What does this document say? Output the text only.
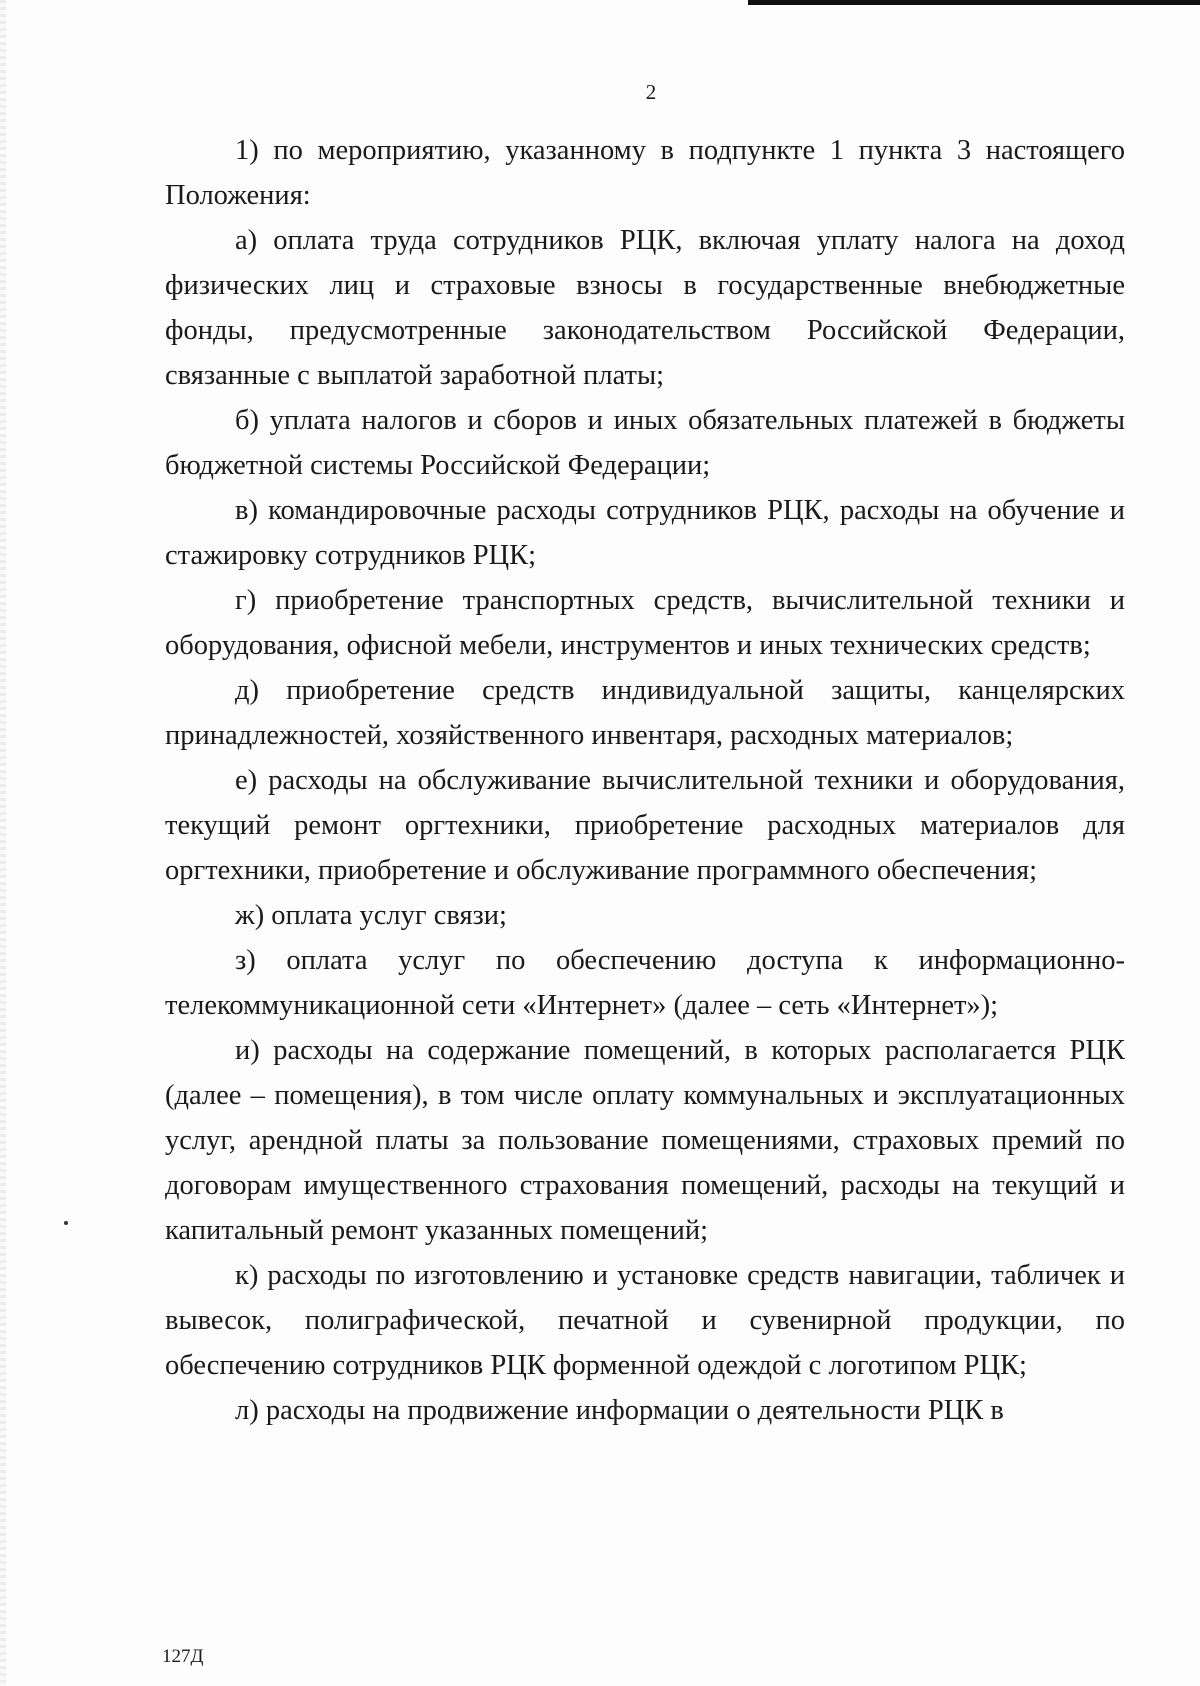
2

1) по мероприятию, указанному в подпункте 1 пункта 3 настоящего Положения:

а) оплата труда сотрудников РЦК, включая уплату налога на доход физических лиц и страховые взносы в государственные внебюджетные фонды, предусмотренные законодательством Российской Федерации, связанные с выплатой заработной платы;

б) уплата налогов и сборов и иных обязательных платежей в бюджеты бюджетной системы Российской Федерации;

в) командировочные расходы сотрудников РЦК, расходы на обучение и стажировку сотрудников РЦК;

г) приобретение транспортных средств, вычислительной техники и оборудования, офисной мебели, инструментов и иных технических средств;

д) приобретение средств индивидуальной защиты, канцелярских принадлежностей, хозяйственного инвентаря, расходных материалов;

е) расходы на обслуживание вычислительной техники и оборудования, текущий ремонт оргтехники, приобретение расходных материалов для оргтехники, приобретение и обслуживание программного обеспечения;

ж) оплата услуг связи;

з) оплата услуг по обеспечению доступа к информационно-телекоммуникационной сети «Интернет» (далее – сеть «Интернет»);

и) расходы на содержание помещений, в которых располагается РЦК (далее – помещения), в том числе оплату коммунальных и эксплуатационных услуг, арендной платы за пользование помещениями, страховых премий по договорам имущественного страхования помещений, расходы на текущий и капитальный ремонт указанных помещений;

к) расходы по изготовлению и установке средств навигации, табличек и вывесок, полиграфической, печатной и сувенирной продукции, по обеспечению сотрудников РЦК форменной одеждой с логотипом РЦК;

л) расходы на продвижение информации о деятельности РЦК в

127Д
